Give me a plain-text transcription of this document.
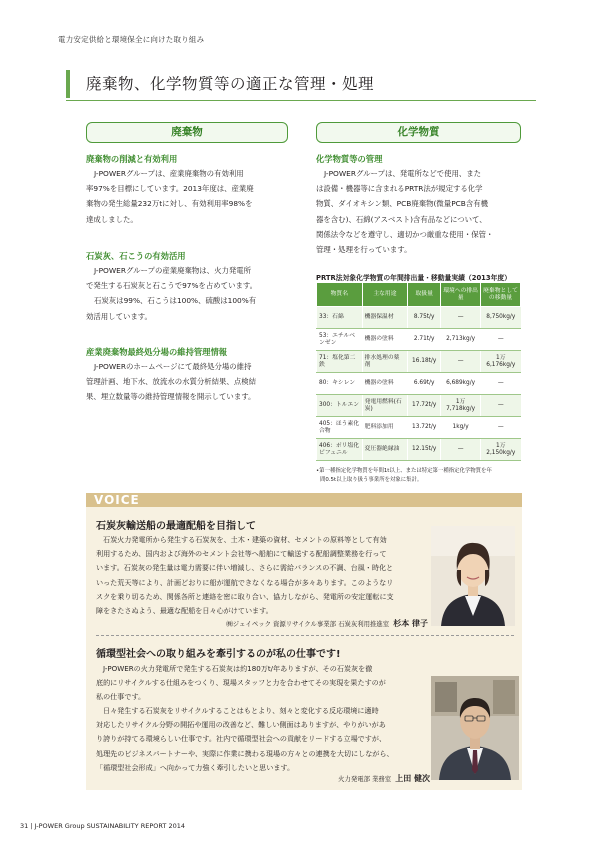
電力安定供給と環境保全に向けた取り組み
廃棄物、化学物質等の適正な管理・処理
廃棄物
廃棄物の削減と有効利用
J-POWERグループは、産業廃棄物の有効利用
率97%を目標にしています。2013年度は、産業廃
棄物の発生総量232万tに対し、有効利用率98%を
達成しました。
石炭灰、石こうの有効活用
J-POWERグループの産業廃棄物は、火力発電所
で発生する石炭灰と石こうで97%を占めています。
石炭灰は99%、石こうは100%、硫酸は100%有
効活用しています。
産業廃棄物最終処分場の維持管理情報
J-POWERのホームページにて最終処分場の維持
管理計画、地下水、放流水の水質分析結果、点検結
果、埋立数量等の維持管理情報を開示しています。
化学物質
化学物質等の管理
J-POWERグループは、発電所などで使用、また
は設備・機器等に含まれるPRTR法が規定する化学
物質、ダイオキシン類、PCB廃棄物(微量PCB含有機
器を含む)、石綿(アスベスト)含有品などについて、
関係法令などを遵守し、適切かつ厳重な使用・保管・
管理・処理を行っています。
PRTR法対象化学物質の年間排出量・移動量実績（2013年度）
物質名	主な用途	取扱量	環境への排出量	廃棄物としての移動量
33：石綿	機器保温材	8.75t/y	—	8,750kg/y
53：エチルベンゼン	機器の塗料	2.71t/y	2,713kg/y	—
71：塩化第二鉄	排水処理の薬剤	16.18t/y	—	1万6,176kg/y
80：キシレン	機器の塗料	6.69t/y	6,689kg/y	—
300：トルエン	発電用燃料(石炭)	17.72t/y	1万7,718kg/y	—
405：ほう素化合物	肥料添加用	13.72t/y	1kg/y	—
406：ポリ塩化ビフェニル	変圧器絶縁油	12.15t/y	—	1万2,150kg/y
•第一種指定化学物質を年間1t以上、または特定第一種指定化学物質を年
間0.5t以上取り扱う事業所を対象に集計。
VOICE
石炭灰輸送船の最適配船を目指して
石炭火力発電所から発生する石炭灰を、土木・建築の資材、セメントの原料等として有効
利用するため、国内および海外のセメント会社等へ船舶にて輸送する配船調整業務を行って
います。石炭灰の発生量は電力需要に伴い増減し、さらに需給バランスの不調、台風・時化と
いった荒天等により、計画どおりに船が運航できなくなる場合が多々あります。このようなリ
スクを乗り切るため、関係各所と連絡を密に取り合い、協力しながら、発電所の安定運転に支
障をきたさぬよう、最適な配船を日々心がけています。
㈱ジェイペック 資源リサイクル事業部 石炭灰利用推進室 杉本 律子
循環型社会への取り組みを牽引するのが私の仕事です!
J-POWERの火力発電所で発生する石炭灰は約180万t/年ありますが、その石炭灰を徹
底的にリサイクルする仕組みをつくり、現場スタッフと力を合わせてその実現を果たすのが
私の仕事です。
日々発生する石炭灰をリサイクルすることはもとより、刻々と変化する反応環境に適時
対応したリサイクル分野の開拓や運用の改善など、難しい側面はありますが、やりがいがあ
り誇りが持てる環境らしい仕事です。社内で循環型社会への貢献をリードする立場ですが、
処理先のビジネスパートナーや、実際に作業に携わる現場の方々との連携を大切にしながら、
「循環型社会形成」へ向かって力強く牽引したいと思います。
火力発電部 業務室 上田 健次
31 | J-POWER Group SUSTAINABILITY REPORT 2014
